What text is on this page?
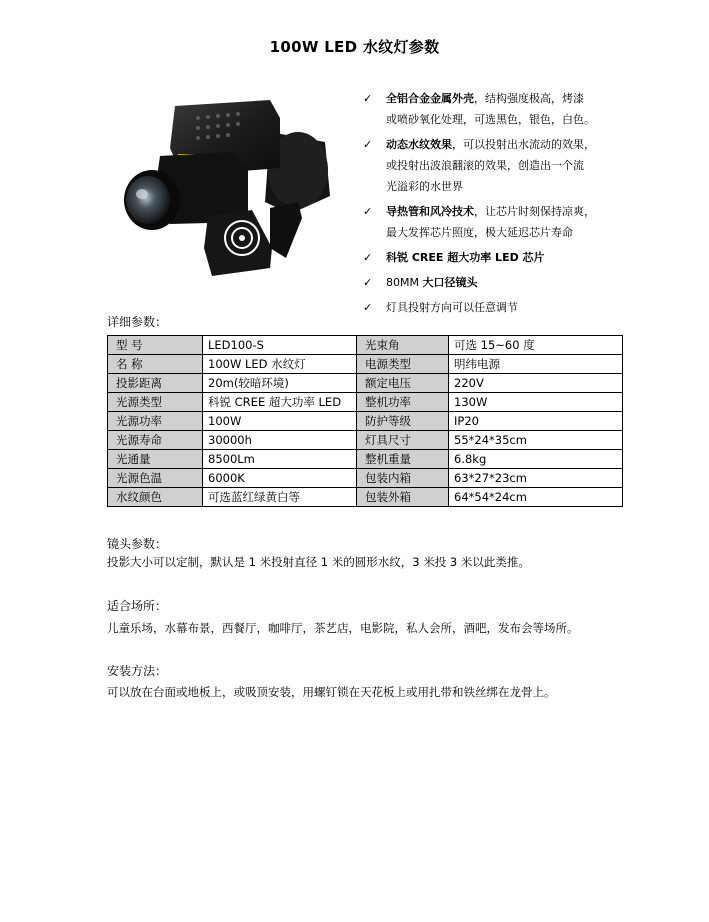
100W LED 水纹灯参数
✓ 全铝合金金属外壳，结构强度极高，烤漆
或喷砂氧化处理，可选黑色，银色，白色。
✓ 动态水纹效果，可以投射出水流动的效果，
或投射出波浪翻滚的效果，创造出一个流
光溢彩的水世界
✓ 导热管和风冷技术，让芯片时刻保持凉爽，
最大发挥芯片照度，极大延迟芯片寿命
✓ 科锐 CREE 超大功率 LED 芯片
✓ 80MM 大口径镜头
✓ 灯具投射方向可以任意调节
详细参数：
型 号	LED100-S	光束角	可选 15~60 度
名 称	100W LED 水纹灯	电源类型	明纬电源
投影距离	20m(较暗环境)	额定电压	220V
光源类型	科锐 CREE 超大功率 LED	整机功率	130W
光源功率	100W	防护等级	IP20
光源寿命	30000h	灯具尺寸	55*24*35cm
光通量	8500Lm	整机重量	6.8kg
光源色温	6000K	包装内箱	63*27*23cm
水纹颜色	可选蓝红绿黄白等	包装外箱	64*54*24cm
镜头参数：
投影大小可以定制，默认是 1 米投射直径 1 米的圆形水纹，3 米投 3 米以此类推。
适合场所：
儿童乐场，水幕布景，西餐厅，咖啡厅，茶艺店，电影院，私人会所，酒吧，发布会等场所。
安装方法：
可以放在台面或地板上，或吸顶安装，用螺钉锁在天花板上或用扎带和铁丝绑在龙骨上。
